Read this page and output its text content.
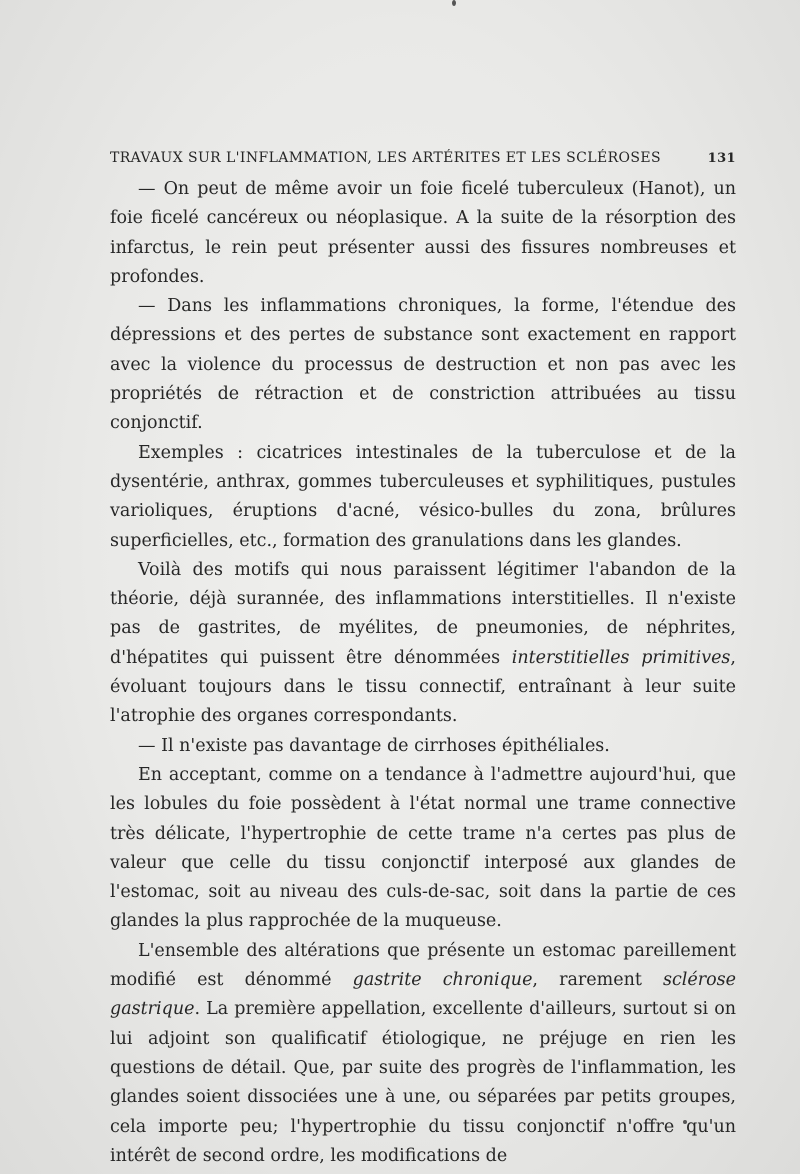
TRAVAUX SUR L'INFLAMMATION, LES ARTÉRITES ET LES SCLÉROSES	131

— On peut de même avoir un foie ficelé tuberculeux (Hanot), un foie ficelé cancéreux ou néoplasique. A la suite de la résorption des infarctus, le rein peut présenter aussi des fissures nombreuses et profondes.

— Dans les inflammations chroniques, la forme, l'étendue des dépressions et des pertes de substance sont exactement en rapport avec la violence du processus de destruction et non pas avec les propriétés de rétraction et de constriction attribuées au tissu conjonctif.

Exemples : cicatrices intestinales de la tuberculose et de la dysentérie, anthrax, gommes tuberculeuses et syphilitiques, pustules varioliques, éruptions d'acné, vésico-bulles du zona, brûlures superficielles, etc., formation des granulations dans les glandes.

Voilà des motifs qui nous paraissent légitimer l'abandon de la théorie, déjà surannée, des inflammations interstitielles. Il n'existe pas de gastrites, de myélites, de pneumonies, de néphrites, d'hépatites qui puissent être dénommées interstitielles primitives, évoluant toujours dans le tissu connectif, entraînant à leur suite l'atrophie des organes correspondants.

— Il n'existe pas davantage de cirrhoses épithéliales.

En acceptant, comme on a tendance à l'admettre aujourd'hui, que les lobules du foie possèdent à l'état normal une trame connective très délicate, l'hypertrophie de cette trame n'a certes pas plus de valeur que celle du tissu conjonctif interposé aux glandes de l'estomac, soit au niveau des culs-de-sac, soit dans la partie de ces glandes la plus rapprochée de la muqueuse.

L'ensemble des altérations que présente un estomac pareillement modifié est dénommé gastrite chronique, rarement sclérose gastrique. La première appellation, excellente d'ailleurs, surtout si on lui adjoint son qualificatif étiologique, ne préjuge en rien les questions de détail. Que, par suite des progrès de l'inflammation, les glandes soient dissociées une à une, ou séparées par petits groupes, cela importe peu; l'hypertrophie du tissu conjonctif n'offre qu'un intérêt de second ordre, les modifications de
